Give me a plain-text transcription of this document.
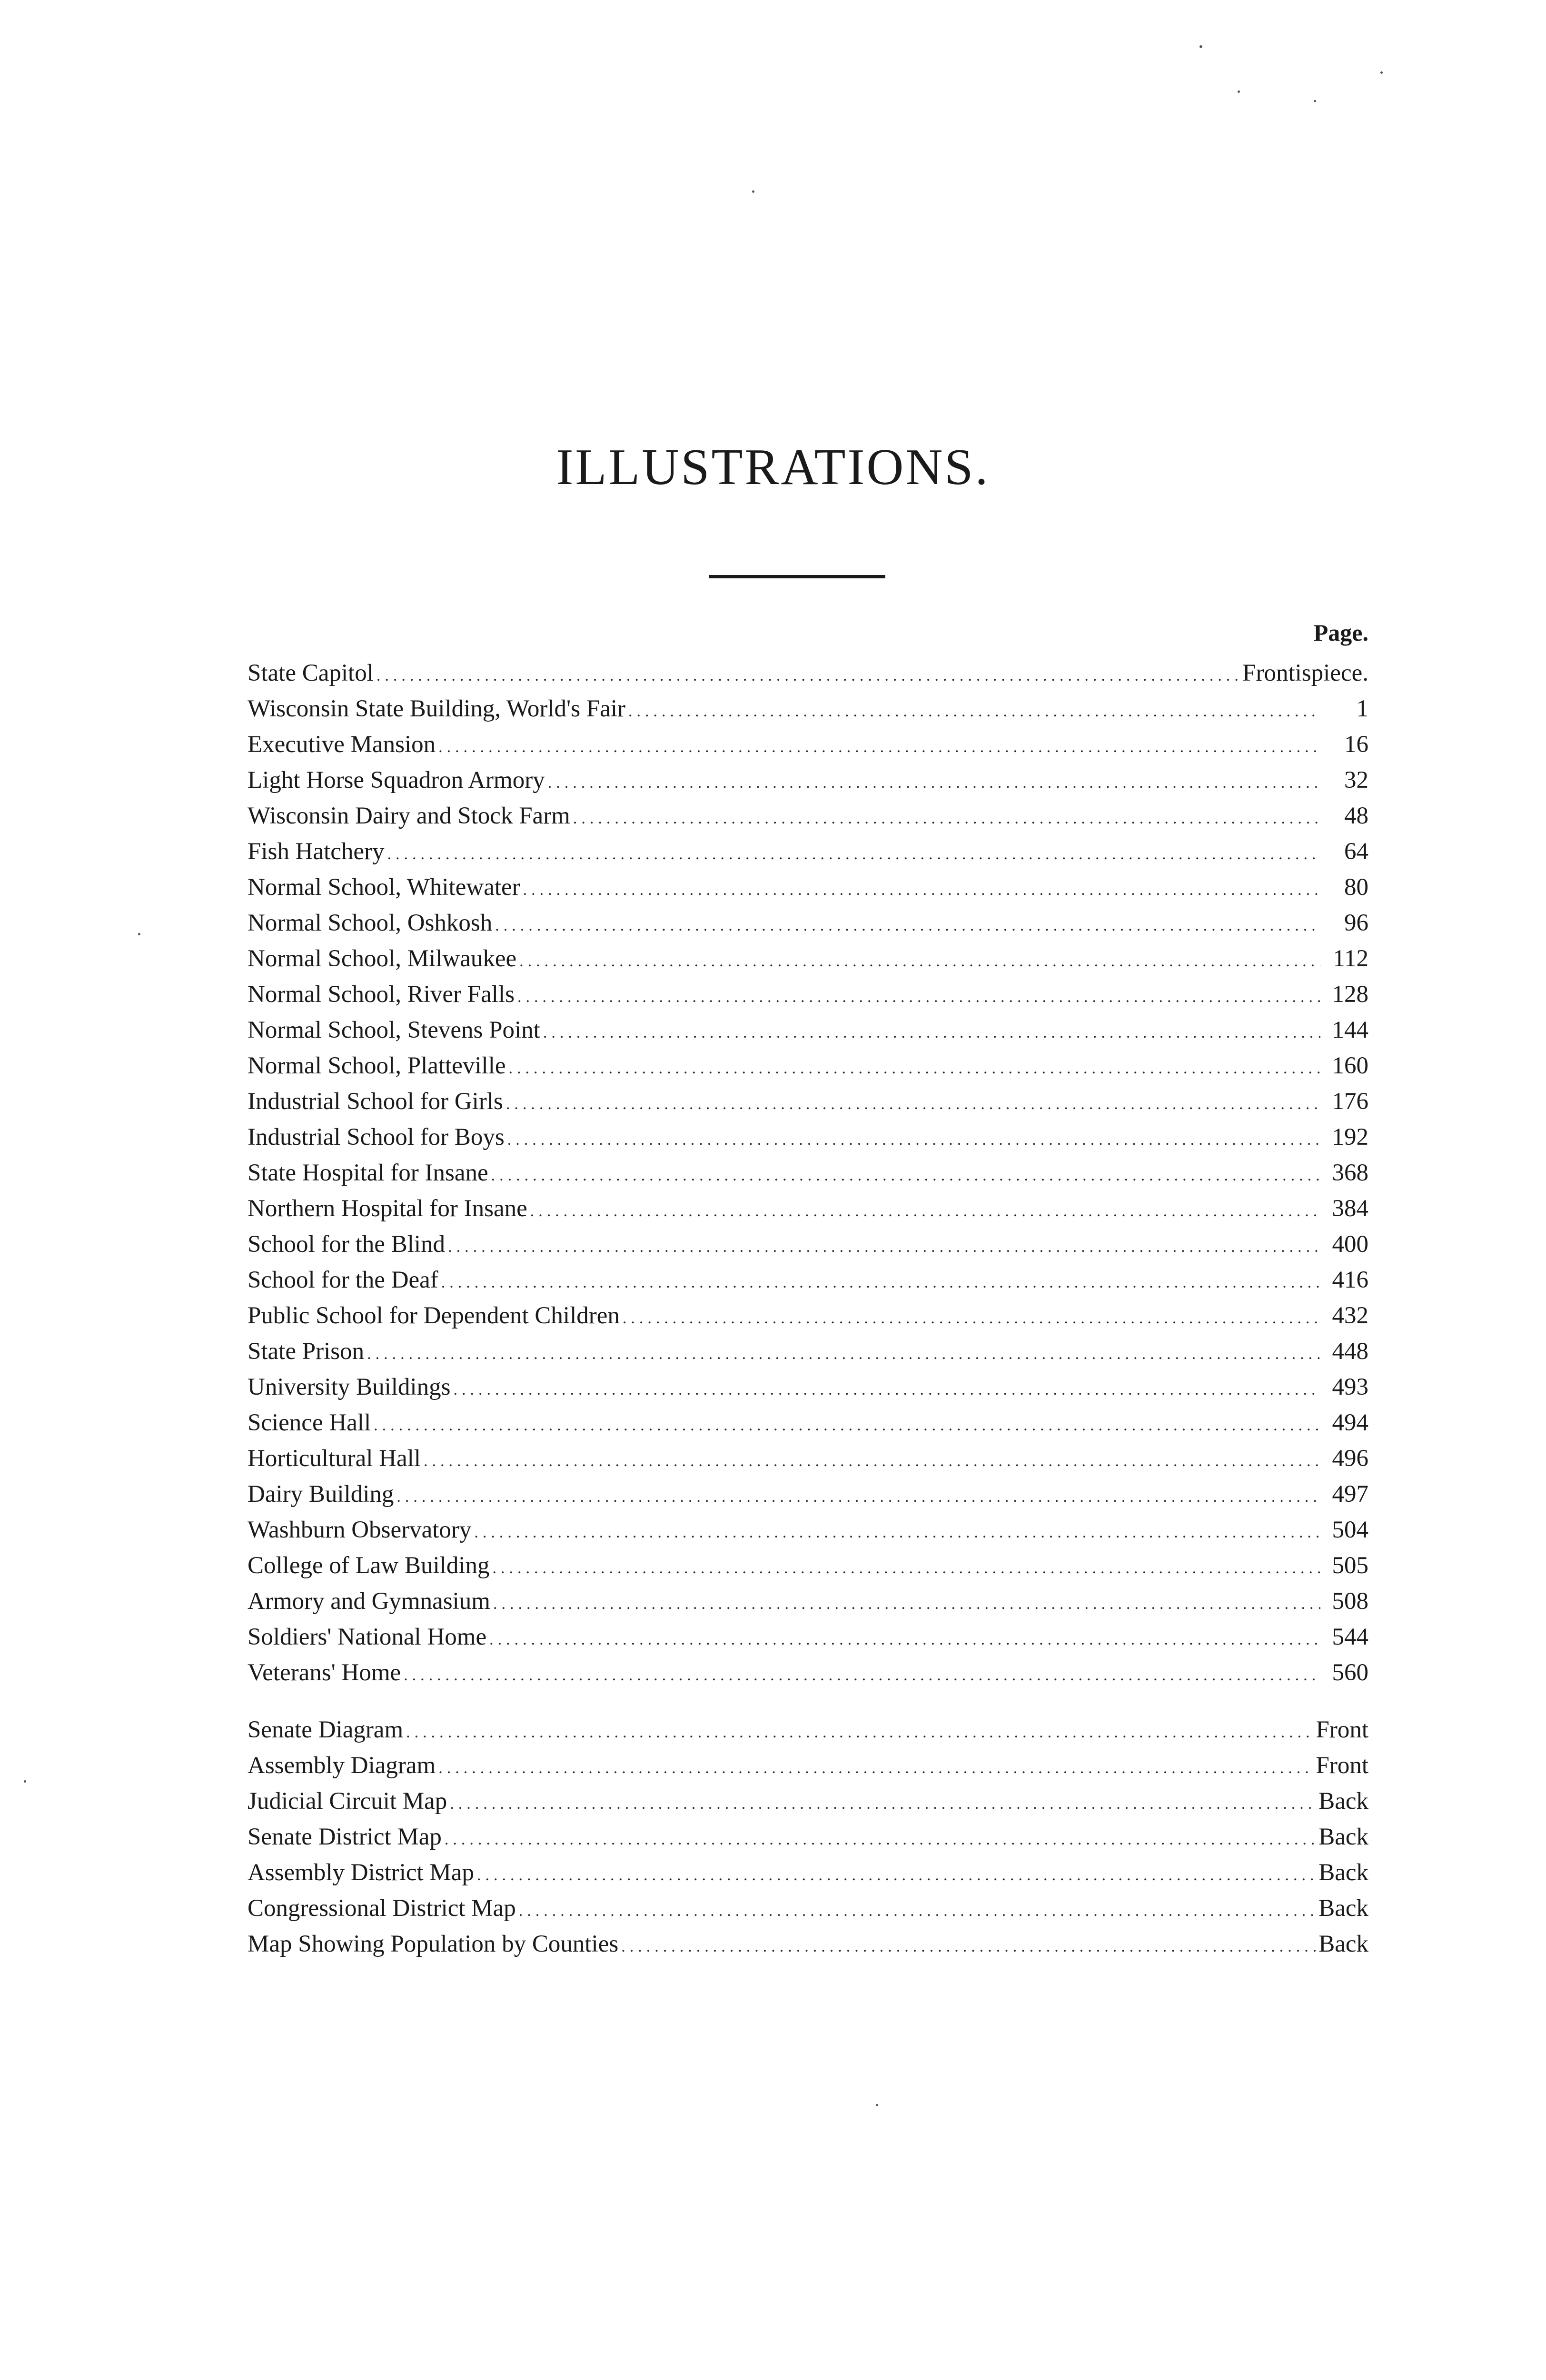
ILLUSTRATIONS.
Page.
State Capitol .....	Frontispiece.
Wisconsin State Building, World's Fair .....	1
Executive Mansion .....	16
Light Horse Squadron Armory .....	32
Wisconsin Dairy and Stock Farm .....	48
Fish Hatchery .....	64
Normal School, Whitewater .....	80
Normal School, Oshkosh .....	96
Normal School, Milwaukee .....	112
Normal School, River Falls .....	128
Normal School, Stevens Point .....	144
Normal School, Platteville .....	160
Industrial School for Girls .....	176
Industrial School for Boys .....	192
State Hospital for Insane .....	368
Northern Hospital for Insane .....	384
School for the Blind .....	400
School for the Deaf .....	416
Public School for Dependent Children .....	432
State Prison .....	448
University Buildings .....	493
Science Hall .....	494
Horticultural Hall .....	496
Dairy Building .....	497
Washburn Observatory .....	504
College of Law Building .....	505
Armory and Gymnasium .....	508
Soldiers' National Home .....	544
Veterans' Home .....	560
Senate Diagram .....	Front
Assembly Diagram .....	Front
Judicial Circuit Map .....	Back
Senate District Map .....	Back
Assembly District Map .....	Back
Congressional District Map .....	Back
Map Showing Population by Counties .....	Back
